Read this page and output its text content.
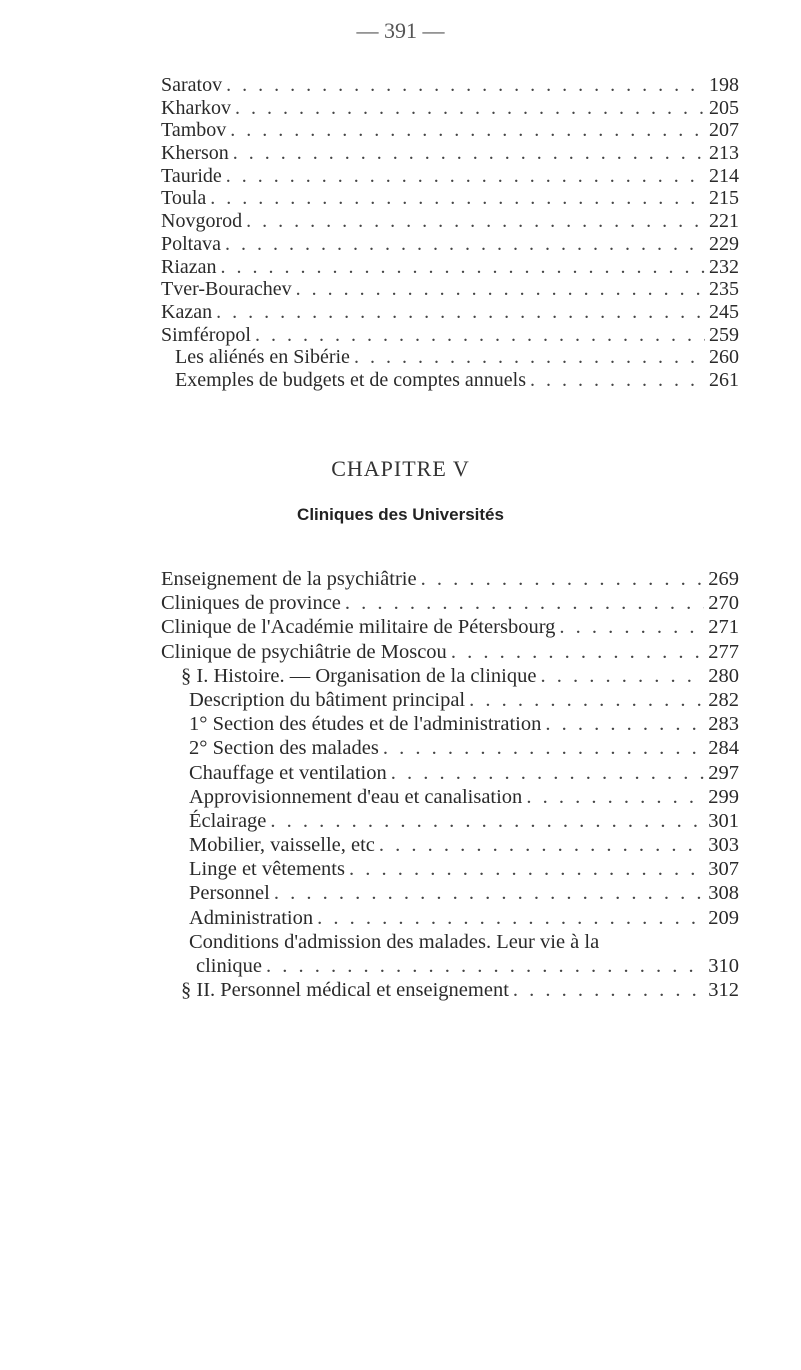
— 391 —
Saratov . . .	198
Kharkov . . .	205
Tambov . . .	207
Kherson . . .	213
Tauride . . .	214
Toula . . .	215
Novgorod . . .	221
Poltava . . .	229
Riazan . . .	232
Tver-Bourachev . . .	235
Kazan . . .	245
Simféropol . . .	259
Les aliénés en Sibérie . . .	260
Exemples de budgets et de comptes annuels . . .	261
CHAPITRE V
Cliniques des Universités
Enseignement de la psychiâtrie . . .	269
Cliniques de province . . .	270
Clinique de l'Académie militaire de Pétersbourg . . .	271
Clinique de psychiâtrie de Moscou . . .	277
§ I. Histoire. — Organisation de la clinique . . .	280
Description du bâtiment principal . . .	282
1° Section des études et de l'administration . . .	283
2° Section des malades . . .	284
Chauffage et ventilation . . .	297
Approvisionnement d'eau et canalisation . . .	299
Éclairage . . .	301
Mobilier, vaisselle, etc . . .	303
Linge et vêtements . . .	307
Personnel . . .	308
Administration . . .	209
Conditions d'admission des malades. Leur vie à la
clinique . . .	310
§ II. Personnel médical et enseignement . . .	312
